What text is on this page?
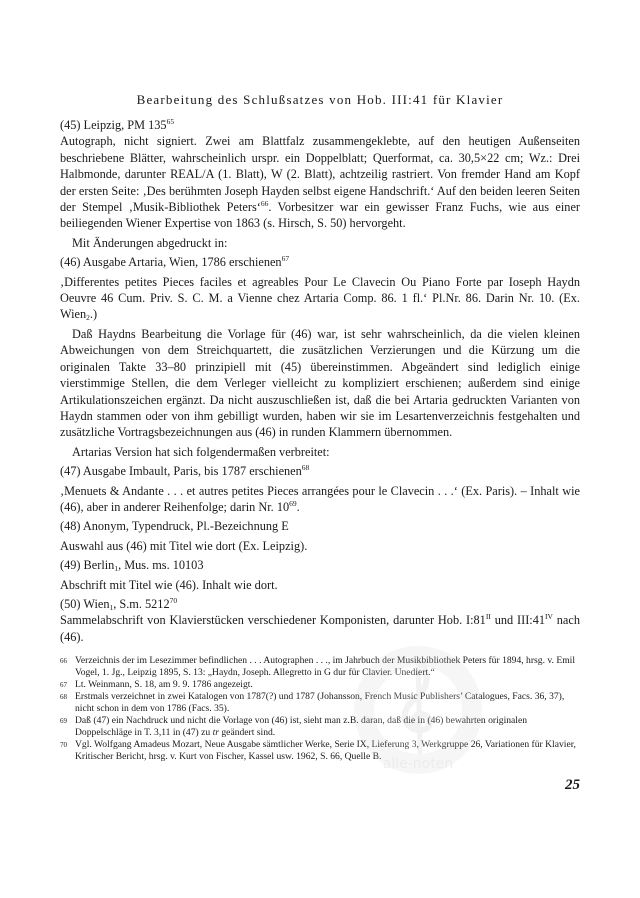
Bearbeitung des Schlußsatzes von Hob. III:41 für Klavier

(45) Leipzig, PM $135^{65}$

Autograph, nicht signiert. Zwei am Blattfalz zusammengeklebte, auf den heutigen Außenseiten beschriebene Blätter, wahrscheinlich urspr. ein Doppelblatt; Querformat, ca. 30,5×22 cm; Wz.: Drei Halbmonde, darunter REAL/A (1. Blatt), W (2. Blatt), achtzeilig rastriert. Von fremder Hand am Kopf der ersten Seite: ‚Des berühmten Joseph Hayden selbst eigene Handschrift.‘ Auf den beiden leeren Seiten der Stempel ‚Musik-Bibliothek Peters‘$^{66}$. Vorbesitzer war ein gewisser Franz Fuchs, wie aus einer beiliegenden Wiener Expertise von 1863 (s. Hirsch, S. 50) hervorgeht.

Mit Änderungen abgedruckt in:

(46) Ausgabe Artaria, Wien, 1786 erschienen$^{67}$

‚Differentes petites Pieces faciles et agreables Pour Le Clavecin Ou Piano Forte par Ioseph Haydn Oeuvre 46 Cum. Priv. S. C. M. a Vienne chez Artaria Comp. 86. 1 fl.‘ Pl.Nr. 86. Darin Nr. 10. (Ex. Wien$_2$.)

Daß Haydns Bearbeitung die Vorlage für (46) war, ist sehr wahrscheinlich, da die vielen kleinen Abweichungen von dem Streichquartett, die zusätzlichen Verzierungen und die Kürzung um die originalen Takte 33–80 prinzipiell mit (45) übereinstimmen. Abgeändert sind lediglich einige vierstimmige Stellen, die dem Verleger vielleicht zu kompliziert erschienen; außerdem sind einige Artikulationszeichen ergänzt. Da nicht auszuschließen ist, daß die bei Artaria gedruckten Varianten von Haydn stammen oder von ihm gebilligt wurden, haben wir sie im Lesartenverzeichnis festgehalten und zusätzliche Vortragsbezeichnungen aus (46) in runden Klammern übernommen.

Artarias Version hat sich folgendermaßen verbreitet:

(47) Ausgabe Imbault, Paris, bis 1787 erschienen$^{68}$

‚Menuets & Andante . . . et autres petites Pieces arrangées pour le Clavecin . . .‘ (Ex. Paris). – Inhalt wie (46), aber in anderer Reihenfolge; darin Nr. $10^{69}$.

(48) Anonym, Typendruck, Pl.-Bezeichnung E

Auswahl aus (46) mit Titel wie dort (Ex. Leipzig).

(49) Berlin$_1$, Mus. ms. 10103

Abschrift mit Titel wie (46). Inhalt wie dort.

(50) Wien$_1$, S.m. 5212$^{70}$

Sammelabschrift von Klavierstücken verschiedener Komponisten, darunter Hob. $I:81^{II}$ und $III:41^{IV}$ nach (46).

66 Verzeichnis der im Lesezimmer befindlichen . . . Autographen . . ., im Jahrbuch der Musikbibliothek Peters für 1894, hrsg. v. Emil Vogel, 1. Jg., Leipzig 1895, S. 13: „Haydn, Joseph. Allegretto in G dur für Clavier. Unediert.“

67 Lt. Weinmann, S. 18, am 9. 9. 1786 angezeigt.

68 Erstmals verzeichnet in zwei Katalogen von 1787(?) und 1787 (Johansson, French Music Publishers’ Catalogues, Facs. 36, 37), nicht schon in dem von 1786 (Facs. 35).

69 Daß (47) ein Nachdruck und nicht die Vorlage von (46) ist, sieht man z.B. daran, daß die in (46) bewahrten originalen Doppelschläge in T. 3,11 in (47) zu tr geändert sind.

70 Vgl. Wolfgang Amadeus Mozart, Neue Ausgabe sämtlicher Werke, Serie IX, Lieferung 3, Werkgruppe 26, Variationen für Klavier, Kritischer Bericht, hrsg. v. Kurt von Fischer, Kassel usw. 1962, S. 66, Quelle B. alle-noten
25
